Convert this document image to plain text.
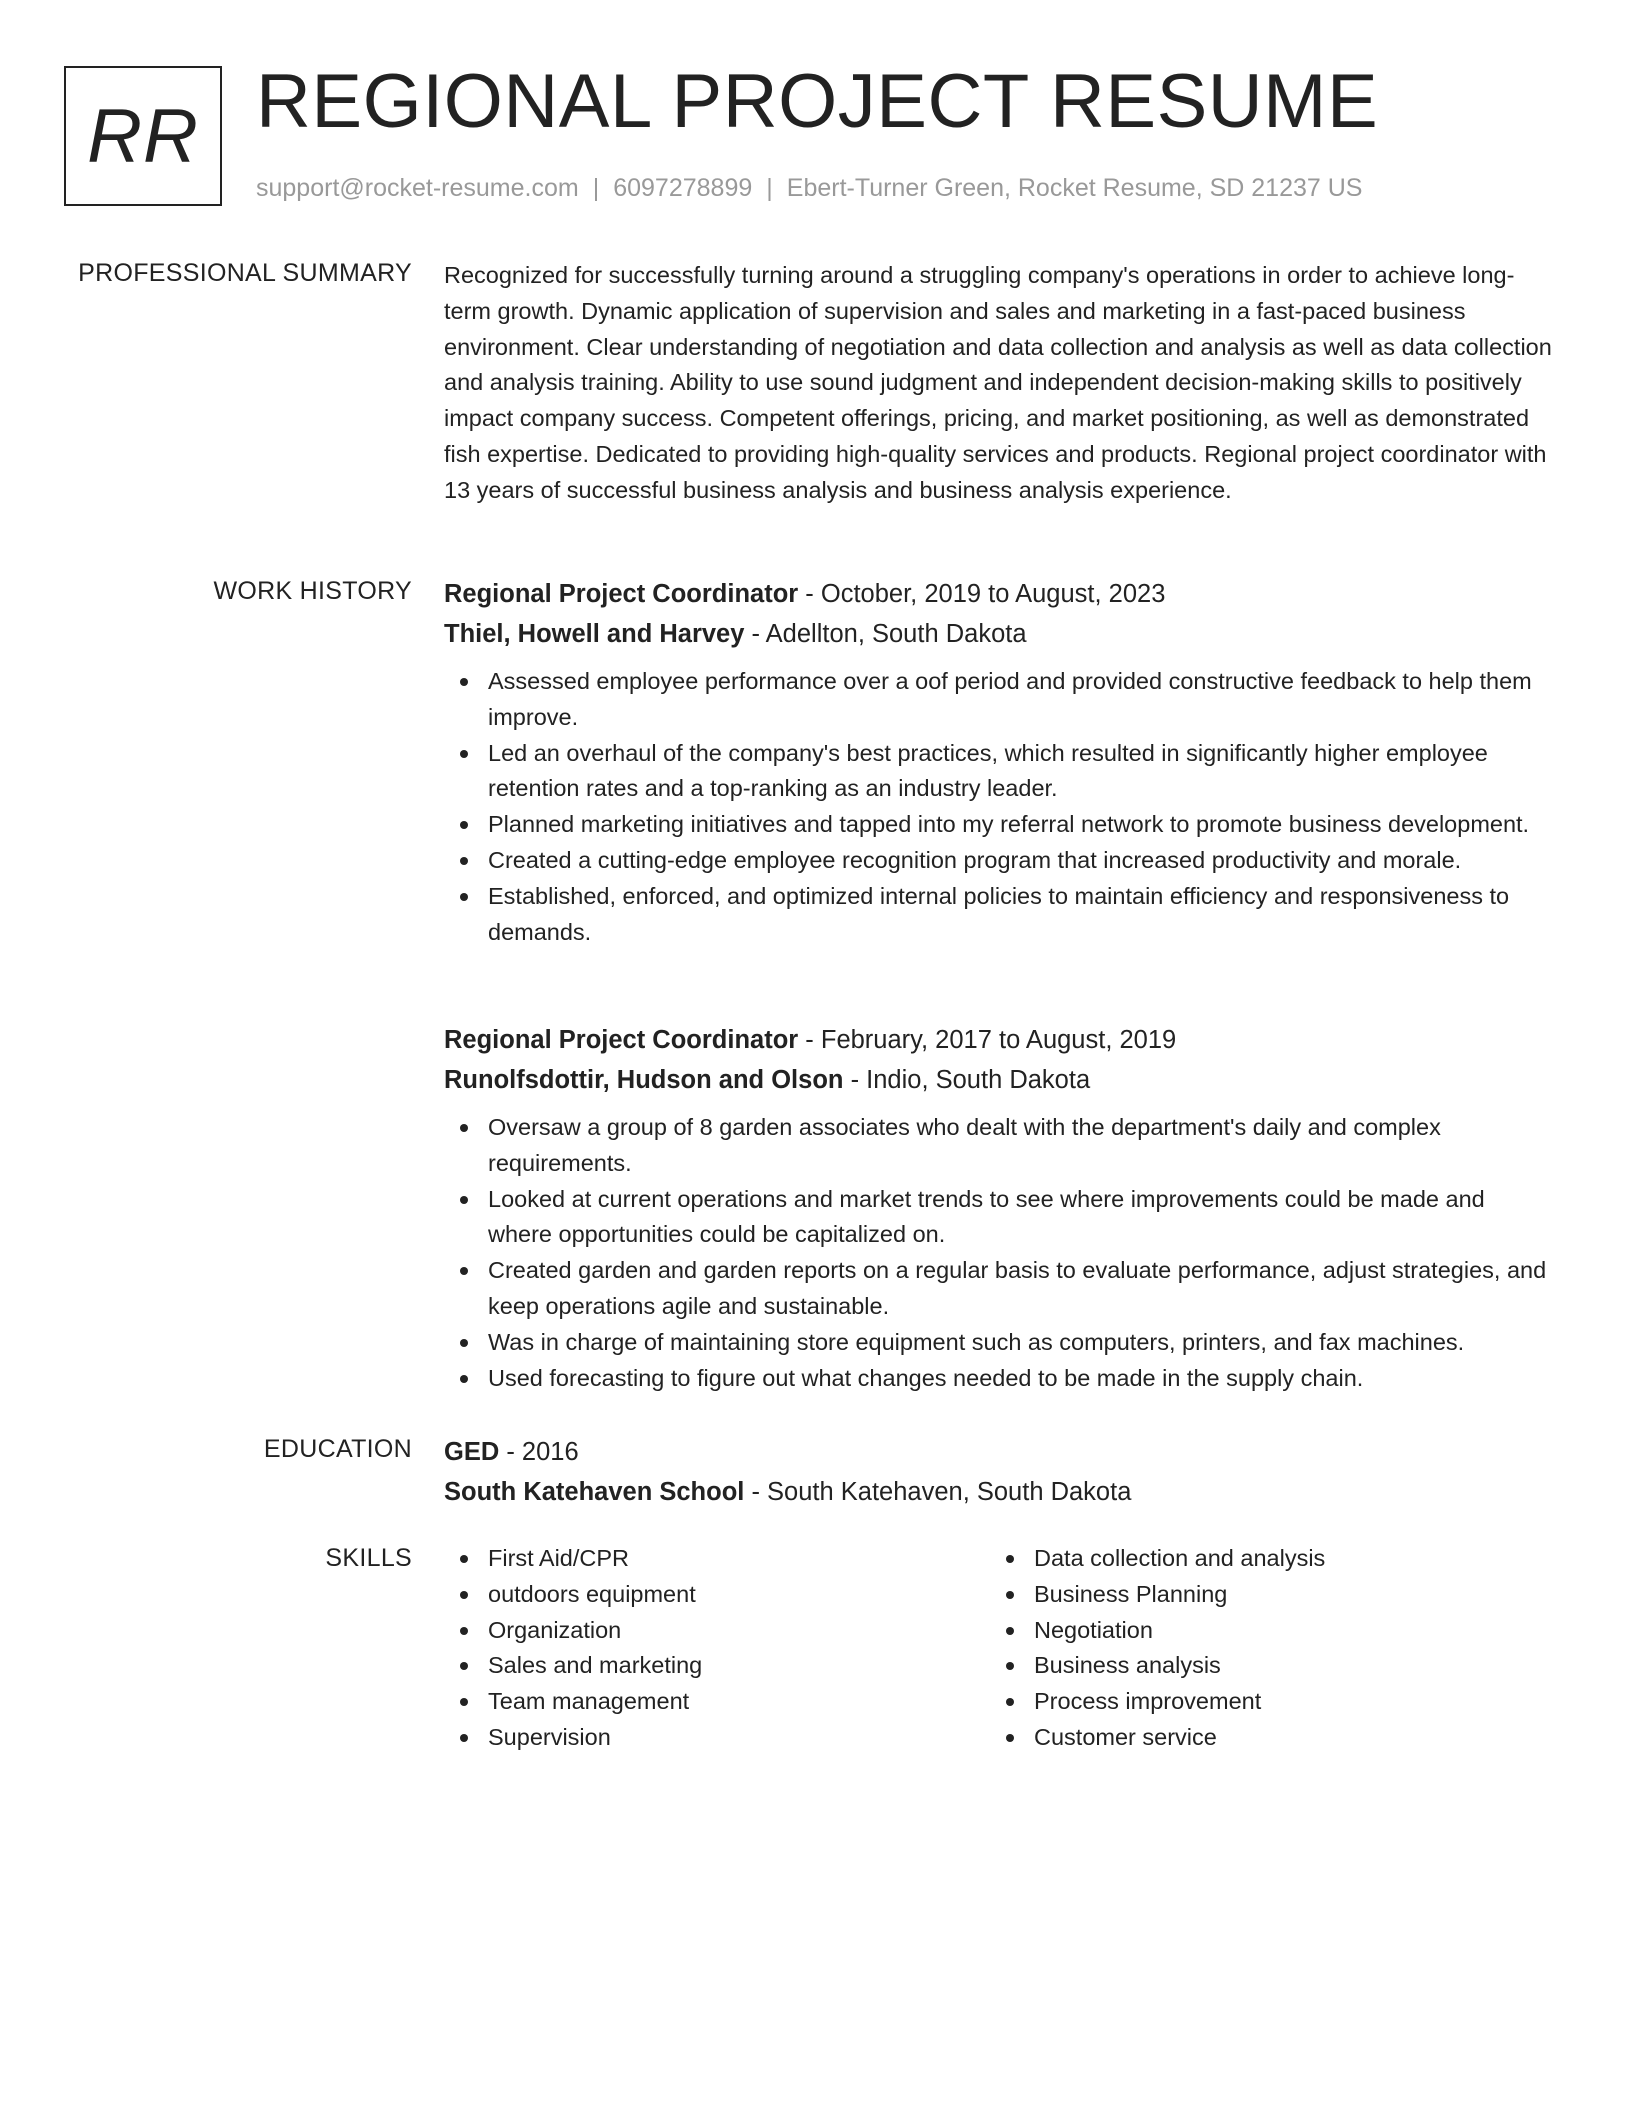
RR REGIONAL PROJECT RESUME
support@rocket-resume.com | 6097278899 | Ebert-Turner Green, Rocket Resume, SD 21237 US
PROFESSIONAL SUMMARY Recognized for successfully turning around a struggling company's operations in order to achieve long-term growth. Dynamic application of supervision and sales and marketing in a fast-paced business environment. Clear understanding of negotiation and data collection and analysis as well as data collection and analysis training. Ability to use sound judgment and independent decision-making skills to positively impact company success. Competent offerings, pricing, and market positioning, as well as demonstrated fish expertise. Dedicated to providing high-quality services and products. Regional project coordinator with 13 years of successful business analysis and business analysis experience.
WORK HISTORY Regional Project Coordinator - October, 2019 to August, 2023
Thiel, Howell and Harvey - Adellton, South Dakota
Assessed employee performance over a oof period and provided constructive feedback to help them improve.
Led an overhaul of the company's best practices, which resulted in significantly higher employee retention rates and a top-ranking as an industry leader.
Planned marketing initiatives and tapped into my referral network to promote business development.
Created a cutting-edge employee recognition program that increased productivity and morale.
Established, enforced, and optimized internal policies to maintain efficiency and responsiveness to demands.
Regional Project Coordinator - February, 2017 to August, 2019
Runolfsdottir, Hudson and Olson - Indio, South Dakota
Oversaw a group of 8 garden associates who dealt with the department's daily and complex requirements.
Looked at current operations and market trends to see where improvements could be made and where opportunities could be capitalized on.
Created garden and garden reports on a regular basis to evaluate performance, adjust strategies, and keep operations agile and sustainable.
Was in charge of maintaining store equipment such as computers, printers, and fax machines.
Used forecasting to figure out what changes needed to be made in the supply chain.
EDUCATION GED - 2016
South Katehaven School - South Katehaven, South Dakota
SKILLS	First Aid/CPR
outdoors equipment
Organization
Sales and marketing
Team management
Supervision
Data collection and analysis
Business Planning
Negotiation
Business analysis
Process improvement
Customer service
